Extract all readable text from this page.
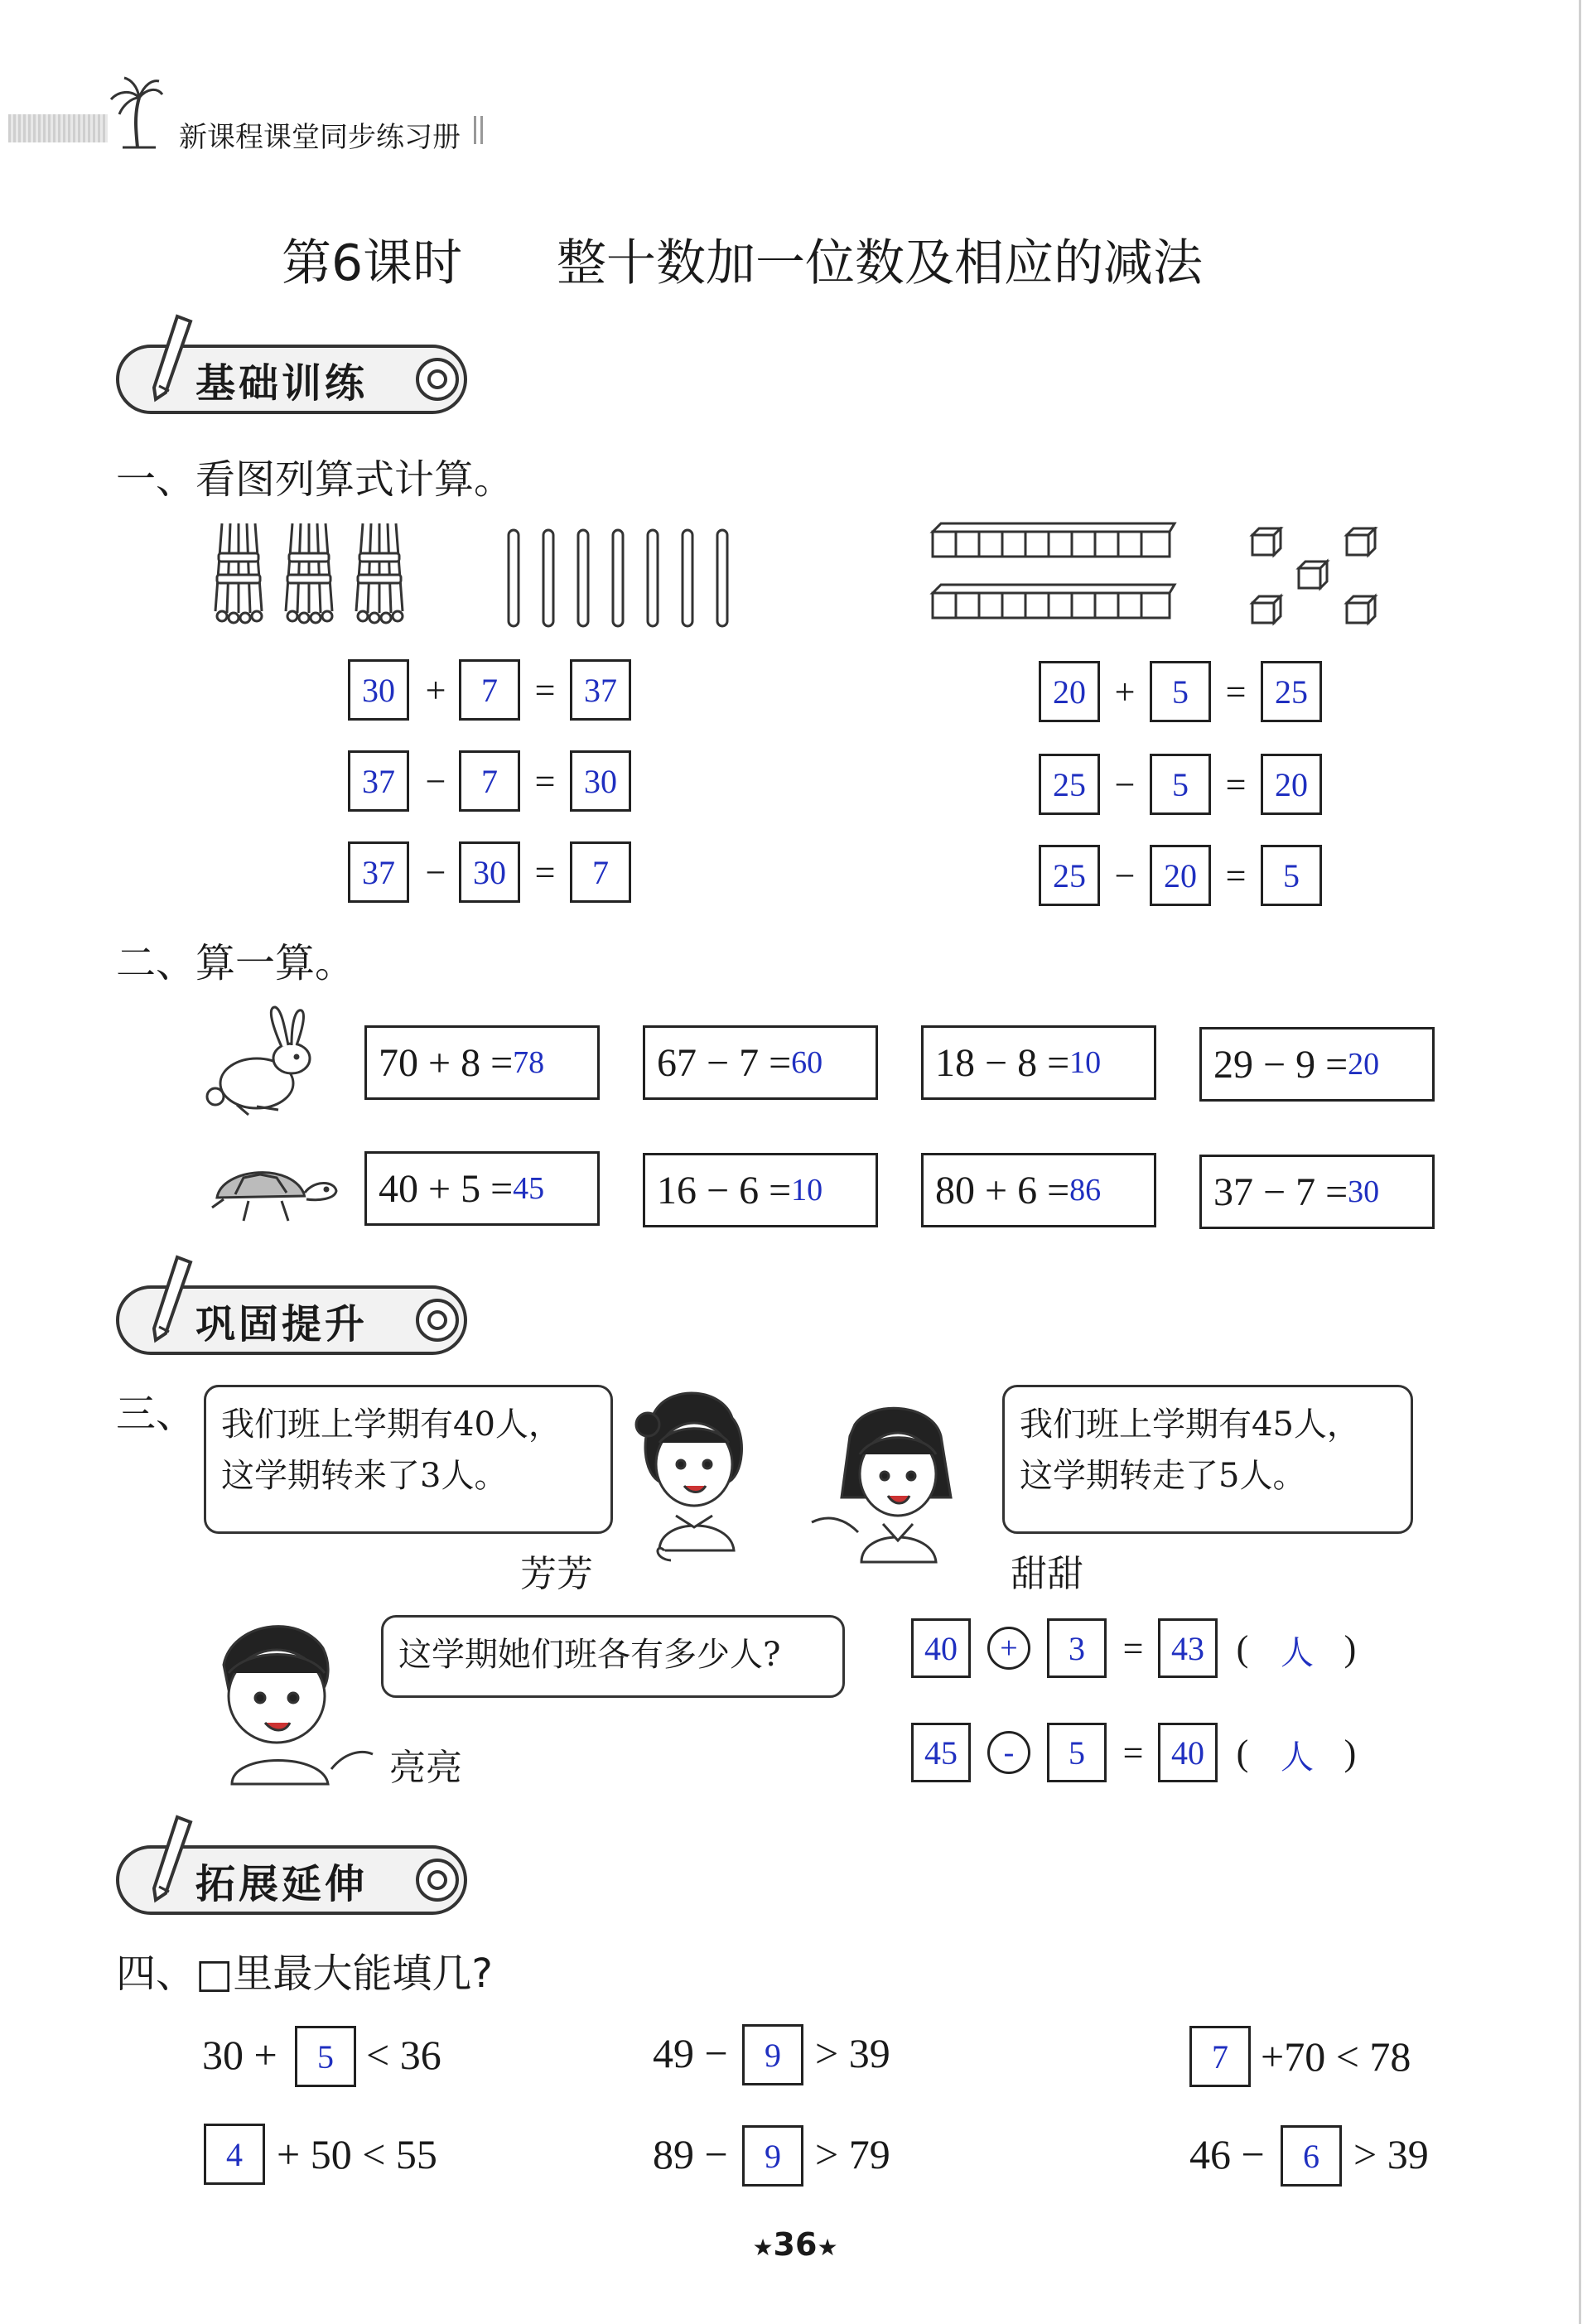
新课程课堂同步练习册
第6课时 整十数加一位数及相应的减法
基础训练
一、看图列算式计算。
30 +	7	= 37
37 −	7	= 30
37 − 30 =	7
20 +	5	= 25
25 −	5	= 20
25 − 20 =	5
二、算一算。
70 + 8 = 78	67 − 7 = 60	18 − 8 = 10	29 − 9 = 20
40 + 5 = 45	16 − 6 = 10	80 + 6 = 86	37 − 7 = 30
巩固提升
三、 我们班上学期有40人，
这学期转来了3人。
芳芳
我们班上学期有45人，
这学期转走了5人。
甜甜
这学期她们班各有多少人?
亮亮
40	+	3	= 43 ( 人 )
45	-	5	= 40 ( 人 )
拓展延伸
四、□里最大能填几?
30 +	5 < 36	49 −	9 > 39	7 +70 < 78
4 + 50 < 55	89 −	9 > 79	46 −	6 > 39
★36★
